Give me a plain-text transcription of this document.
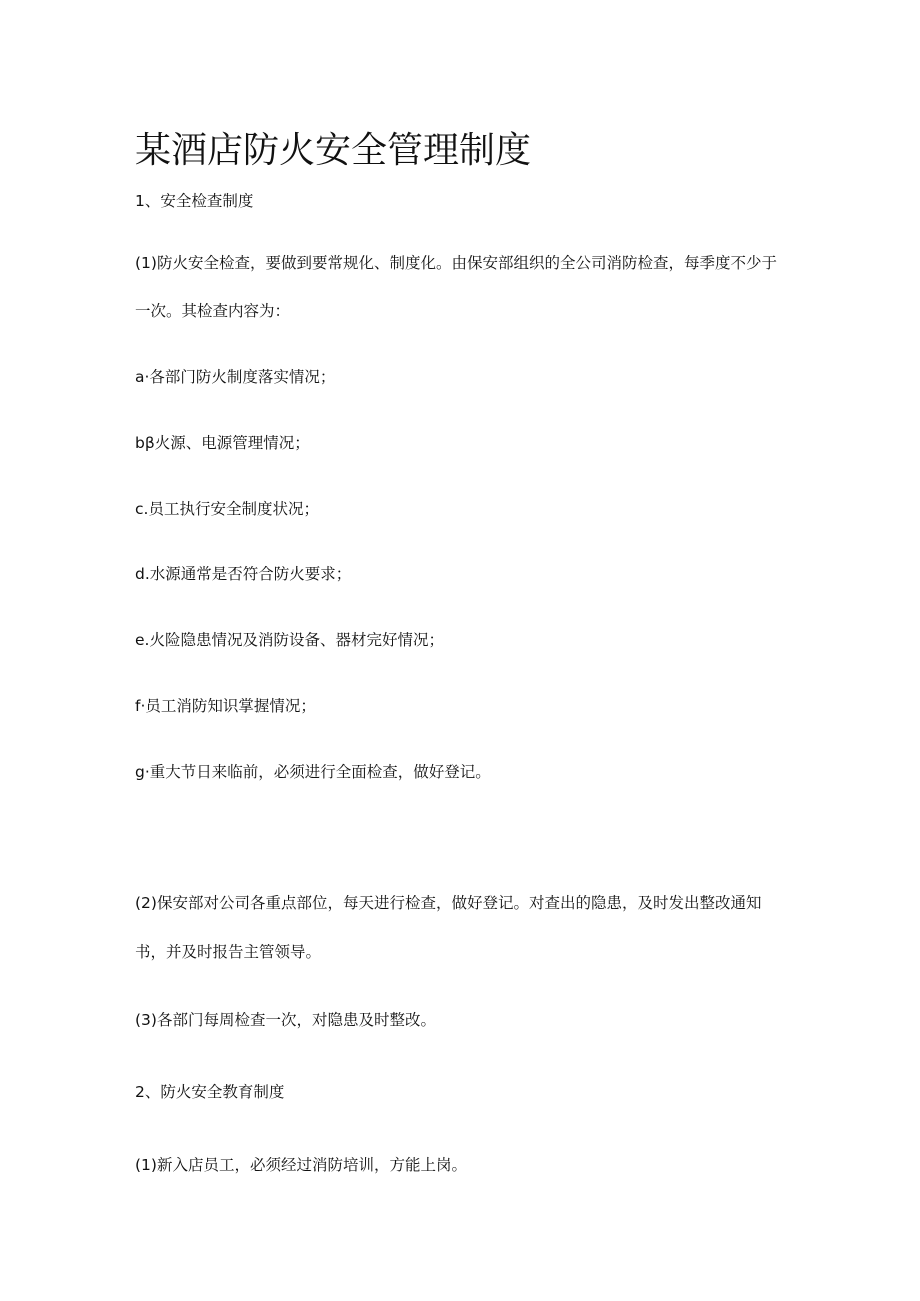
某酒店防火安全管理制度

1、安全检查制度

(1)防火安全检查，要做到要常规化、制度化。由保安部组织的全公司消防检查，每季度不少于

一次。其检查内容为：

a·各部门防火制度落实情况；

bβ火源、电源管理情况；

c.员工执行安全制度状况；

d.水源通常是否符合防火要求；

e.火险隐患情况及消防设备、器材完好情况；

f·员工消防知识掌握情况；

g·重大节日来临前，必须进行全面检查，做好登记。

(2)保安部对公司各重点部位，每天进行检查，做好登记。对查出的隐患，及时发出整改通知

书，并及时报告主管领导。

(3)各部门每周检查一次，对隐患及时整改。

2、防火安全教育制度

(1)新入店员工，必须经过消防培训，方能上岗。
